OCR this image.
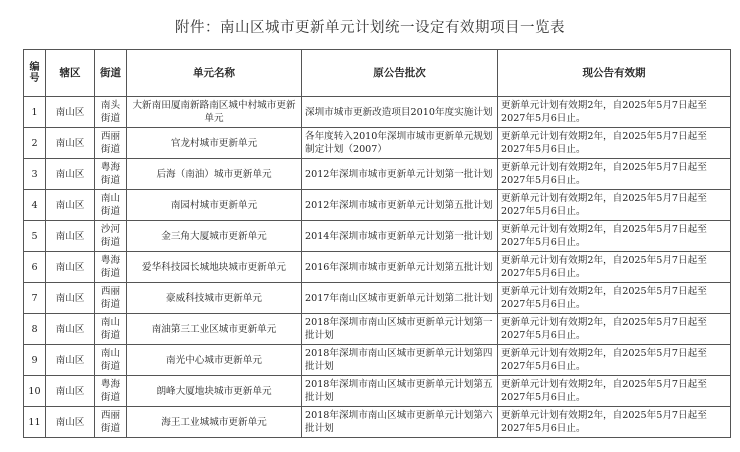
附件：南山区城市更新单元计划统一设定有效期项目一览表
编号	辖区	街道	单元名称	原公告批次	现公告有效期
1	南山区	南头街道	大新南田厦南新路南区城中村城市更新单元	深圳市城市更新改造项目2010年度实施计划	更新单元计划有效期2年，自2025年5月7日起至2027年5月6日止。
2	南山区	西丽街道	官龙村城市更新单元	各年度转入2010年深圳市城市更新单元规划制定计划（2007）	更新单元计划有效期2年，自2025年5月7日起至2027年5月6日止。
3	南山区	粤海街道	后海（南油）城市更新单元	2012年深圳市城市更新单元计划第一批计划	更新单元计划有效期2年，自2025年5月7日起至2027年5月6日止。
4	南山区	南山街道	南园村城市更新单元	2012年深圳市城市更新单元计划第五批计划	更新单元计划有效期2年，自2025年5月7日起至2027年5月6日止。
5	南山区	沙河街道	金三角大厦城市更新单元	2014年深圳市城市更新单元计划第一批计划	更新单元计划有效期2年，自2025年5月7日起至2027年5月6日止。
6	南山区	粤海街道	爱华科技园长城地块城市更新单元	2016年深圳市城市更新单元计划第五批计划	更新单元计划有效期2年，自2025年5月7日起至2027年5月6日止。
7	南山区	西丽街道	豪威科技城市更新单元	2017年南山区城市更新单元计划第二批计划	更新单元计划有效期2年，自2025年5月7日起至2027年5月6日止。
8	南山区	南山街道	南油第三工业区城市更新单元	2018年深圳市南山区城市更新单元计划第一批计划	更新单元计划有效期2年，自2025年5月7日起至2027年5月6日止。
9	南山区	南山街道	南光中心城市更新单元	2018年深圳市南山区城市更新单元计划第四批计划	更新单元计划有效期2年，自2025年5月7日起至2027年5月6日止。
10	南山区	粤海街道	朗峰大厦地块城市更新单元	2018年深圳市南山区城市更新单元计划第五批计划	更新单元计划有效期2年，自2025年5月7日起至2027年5月6日止。
11	南山区	西丽街道	海王工业城城市更新单元	2018年深圳市南山区城市更新单元计划第六批计划	更新单元计划有效期2年，自2025年5月7日起至2027年5月6日止。
